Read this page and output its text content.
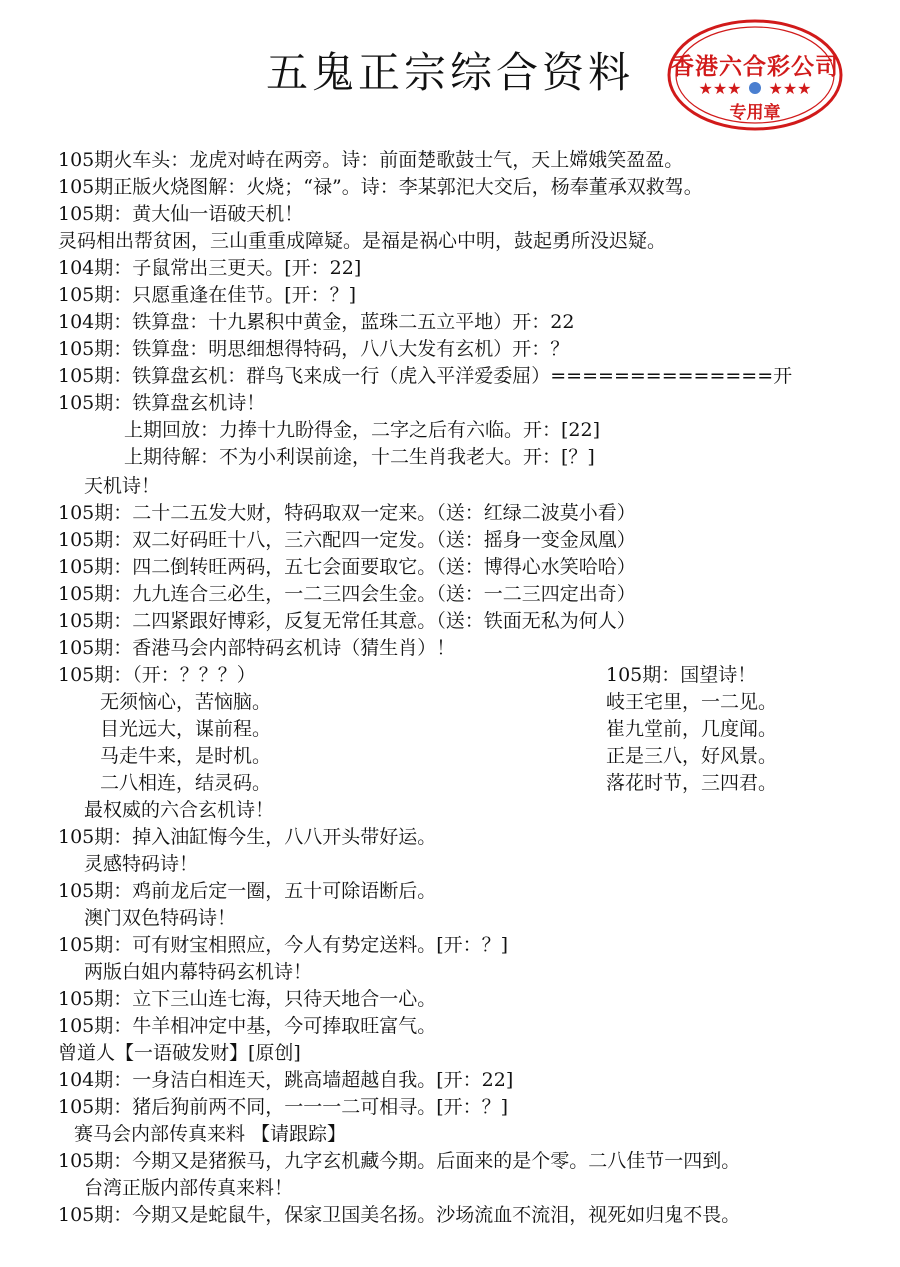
五鬼正宗综合资料	香港六合彩公司
★★★ ★★★
专用章
105期火车头：龙虎对峙在两旁。诗：前面楚歌鼓士气，天上嫦娥笑盈盈。
105期正版火烧图解：火烧；“禄”。诗：李某郭汜大交后，杨奉董承双救驾。
105期：黄大仙一语破天机！
灵码相出帮贫困，三山重重成障疑。是福是祸心中明，鼓起勇所没迟疑。
104期：子鼠常出三更天。[开：22]
105期：只愿重逢在佳节。[开：？]
104期：铁算盘：十九累积中黄金，蓝珠二五立平地）开：22
105期：铁算盘：明思细想得特码，八八大发有玄机）开：？
105期：铁算盘玄机：群鸟飞来成一行（虎入平洋爱委屈）==============开
105期：铁算盘玄机诗！
上期回放：力捧十九盼得金，二字之后有六临。开：[22]
上期待解：不为小利误前途，十二生肖我老大。开：[？]
天机诗！
105期：二十二五发大财，特码取双一定来。（送：红绿二波莫小看）
105期：双二好码旺十八，三六配四一定发。（送：摇身一变金凤凰）
105期：四二倒转旺两码，五七会面要取它。（送：博得心水笑哈哈）
105期：九九连合三必生，一二三四会生金。（送：一二三四定出奇）
105期：二四紧跟好博彩，反复无常任其意。（送：铁面无私为何人）
105期：香港马会内部特码玄机诗（猜生肖）！
105期：（开：？？？）
无须恼心，苦恼脑。
目光远大，谋前程。
马走牛来，是时机。
二八相连，结灵码。
最权威的六合玄机诗！
105期：掉入油缸悔今生，八八开头带好运。
灵感特码诗！
105期：鸡前龙后定一圈，五十可除语断后。
澳门双色特码诗！
105期：可有财宝相照应，今人有势定送料。[开：？]
两版白姐内幕特码玄机诗！
105期：立下三山连七海，只待天地合一心。
105期：牛羊相冲定中基，今可捧取旺富气。
曾道人【一语破发财】[原创]
104期：一身洁白相连天，跳高墙超越自我。[开：22]
105期：猪后狗前两不同，一一一二可相寻。[开：？]
赛马会内部传真来料 【请跟踪】
105期：今期又是猪猴马，九字玄机藏今期。后面来的是个零。二八佳节一四到。
台湾正版内部传真来料！
105期：今期又是蛇鼠牛，保家卫国美名扬。沙场流血不流泪，视死如归鬼不畏。
105期：国望诗！
岐王宅里，一二见。
崔九堂前，几度闻。
正是三八，好风景。
落花时节，三四君。
